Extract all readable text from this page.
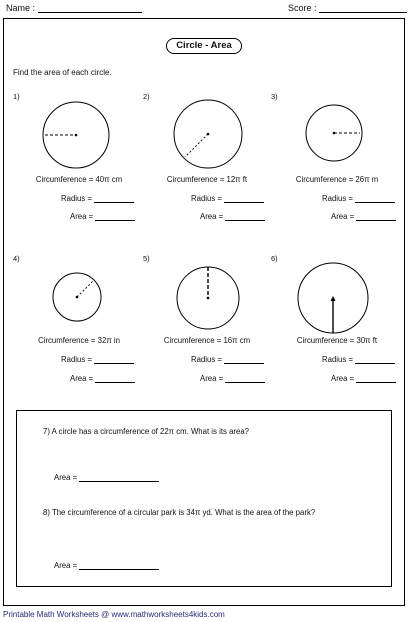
Name :	Score :
Circle - Area
Find the area of each circle.
1)	2)	3)
4)	5)	6)
Circumference = 40π cm	Circumference = 12π ft	Circumference = 26π m
Circumference = 32π in	Circumference = 16π cm	Circumference = 30π ft
Radius =
Area =
Radius =
Area =
Radius =
Area =
Radius =
Area =
Radius =
Area =
Radius =
Area =
7) A circle has a circumference of 22π cm. What is its area?
Area =
8) The circumference of a circular park is 34π yd. What is the area of the park?
Area =
Printable Math Worksheets @ www.mathworksheets4kids.com
